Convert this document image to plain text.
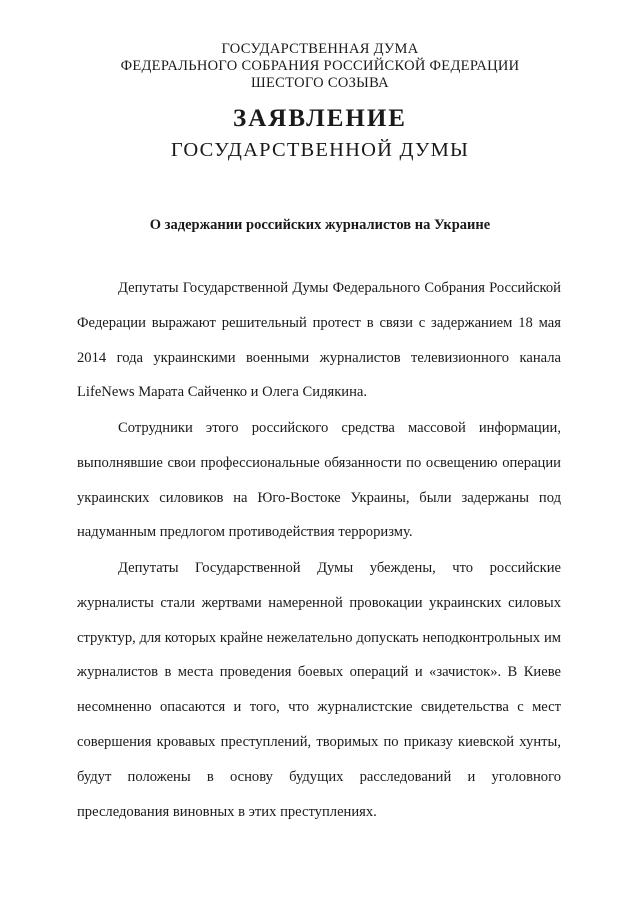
ГОСУДАРСТВЕННАЯ ДУМА
ФЕДЕРАЛЬНОГО СОБРАНИЯ РОССИЙСКОЙ ФЕДЕРАЦИИ
ШЕСТОГО СОЗЫВА
ЗАЯВЛЕНИЕ
ГОСУДАРСТВЕННОЙ ДУМЫ
О задержании российских журналистов на Украине

Депутаты Государственной Думы Федерального Собрания Российской Федерации выражают решительный протест в связи с задержанием 18 мая 2014 года украинскими военными журналистов телевизионного канала LifeNews Марата Сайченко и Олега Сидякина.

Сотрудники этого российского средства массовой информации, выполнявшие свои профессиональные обязанности по освещению операции украинских силовиков на Юго-Востоке Украины, были задержаны под надуманным предлогом противодействия терроризму.

Депутаты Государственной Думы убеждены, что российские журналисты стали жертвами намеренной провокации украинских силовых структур, для которых крайне нежелательно допускать неподконтрольных им журналистов в места проведения боевых операций и «зачисток». В Киеве несомненно опасаются и того, что журналистские свидетельства с мест совершения кровавых преступлений, творимых по приказу киевской хунты, будут положены в основу будущих расследований и уголовного преследования виновных в этих преступлениях.
